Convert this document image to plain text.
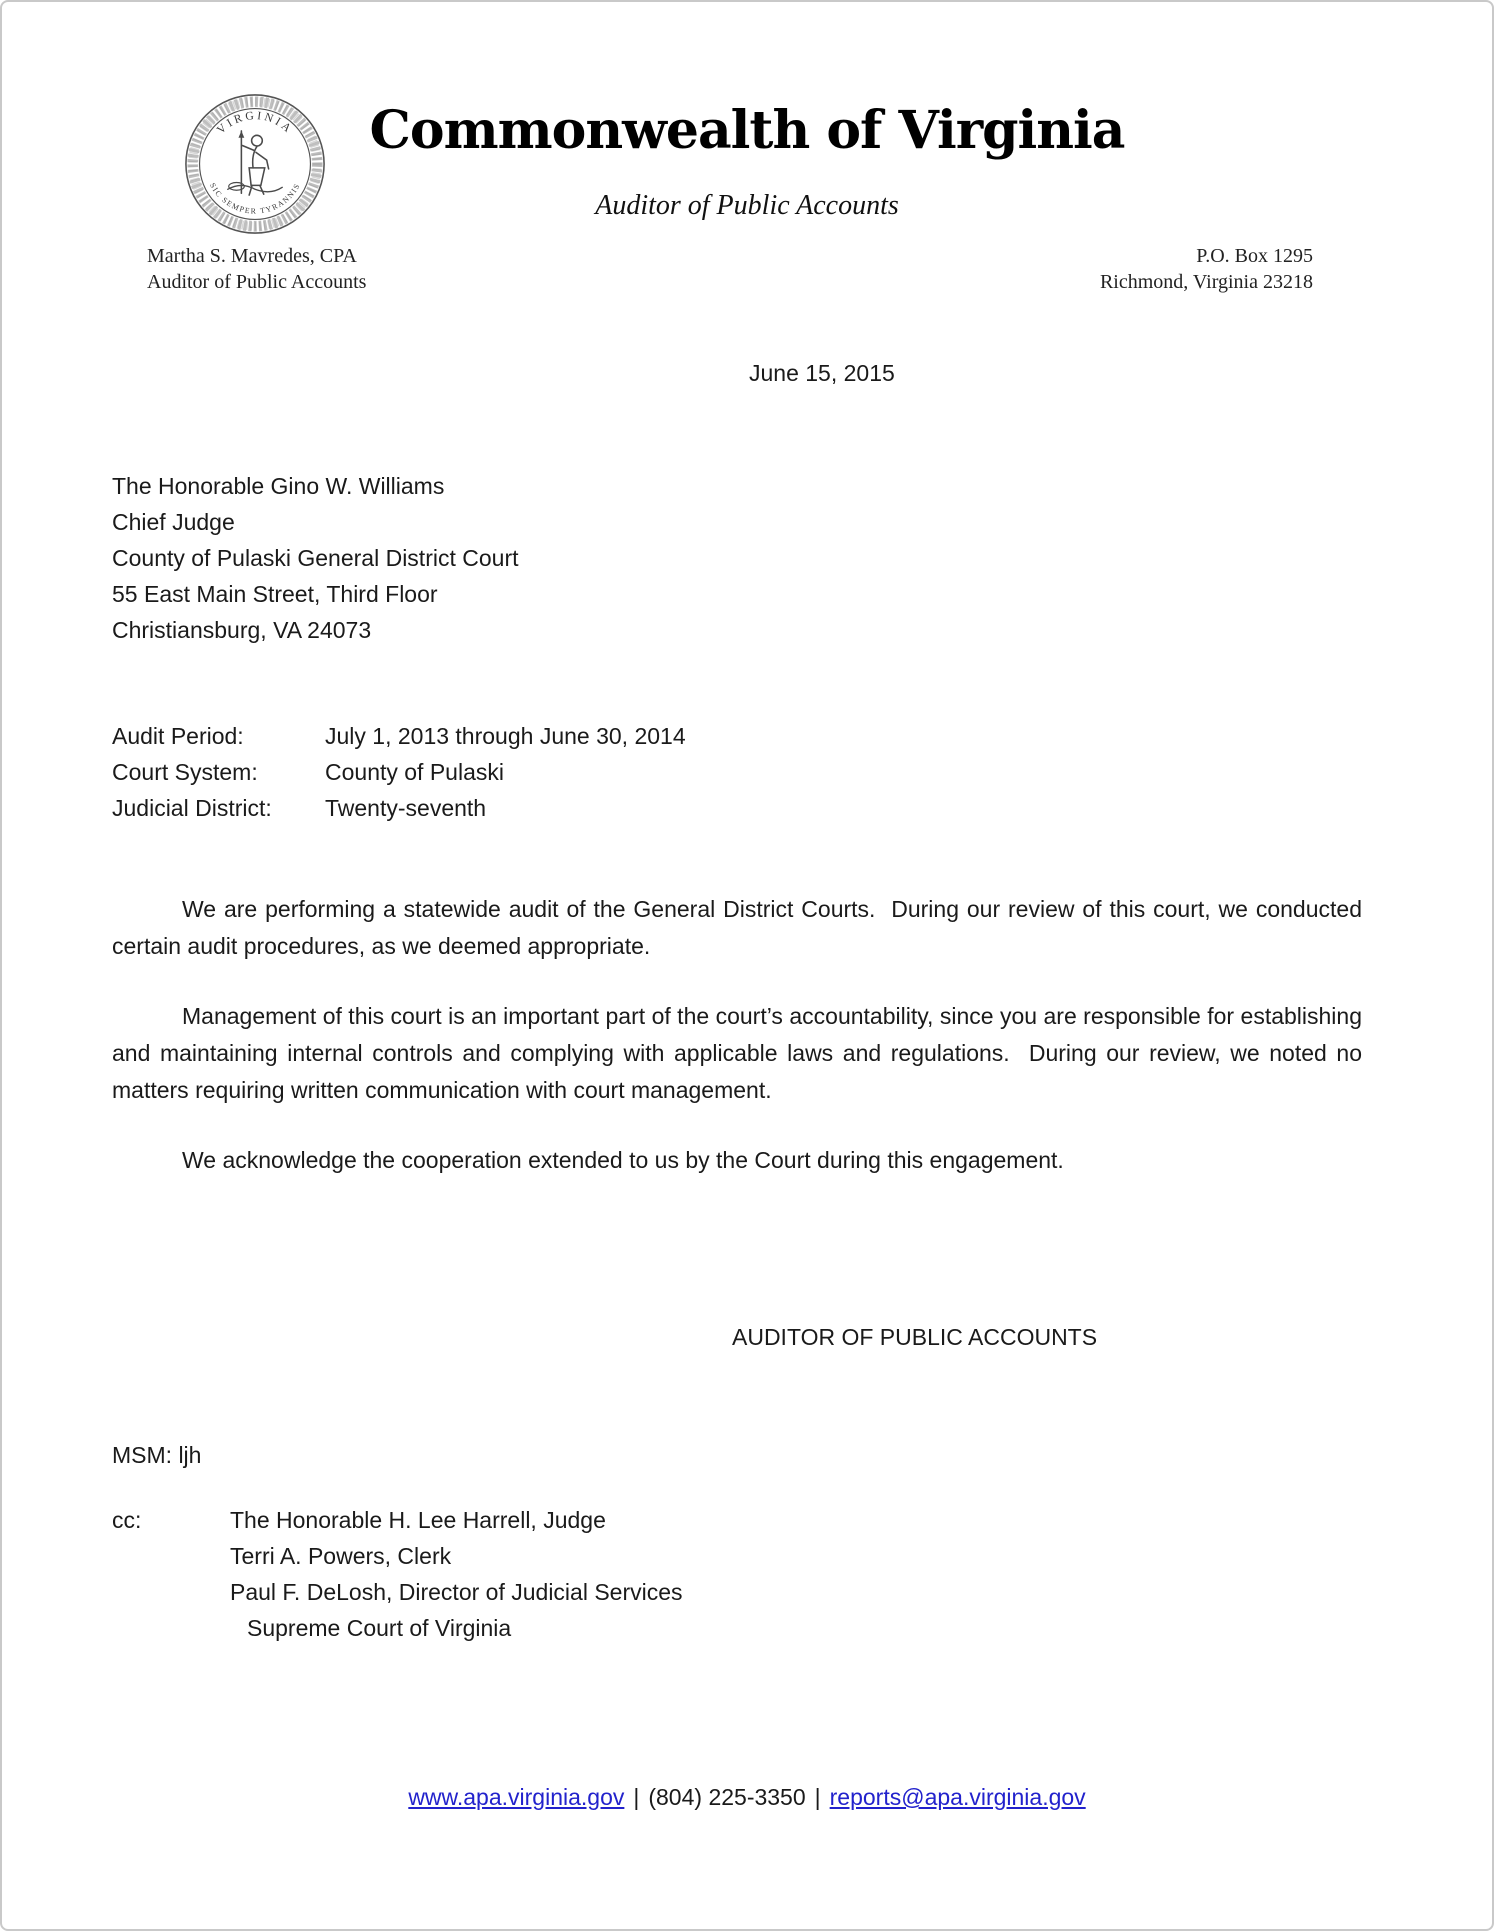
VIRGINIA
SIC SEMPER TYRANNIS
Commonwealth of Virginia
Auditor of Public Accounts
Martha S. Mavredes, CPA
Auditor of Public Accounts
P.O. Box 1295
Richmond, Virginia 23218
June 15, 2015
The Honorable Gino W. Williams
Chief Judge
County of Pulaski General District Court
55 East Main Street, Third Floor
Christiansburg, VA 24073
Audit Period:	July 1, 2013 through June 30, 2014
Court System:	County of Pulaski
Judicial District:	Twenty-seventh

We are performing a statewide audit of the General District Courts.  During our review of this court, we conducted certain audit procedures, as we deemed appropriate.

Management of this court is an important part of the court’s accountability, since you are responsible for establishing and maintaining internal controls and complying with applicable laws and regulations.  During our review, we noted no matters requiring written communication with court management.

We acknowledge the cooperation extended to us by the Court during this engagement.

AUDITOR OF PUBLIC ACCOUNTS
MSM: ljh
cc:	The Honorable H. Lee Harrell, Judge
Terri A. Powers, Clerk
Paul F. DeLosh, Director of Judicial Services
Supreme Court of Virginia
www.apa.virginia.gov | (804) 225-3350 | reports@apa.virginia.gov
